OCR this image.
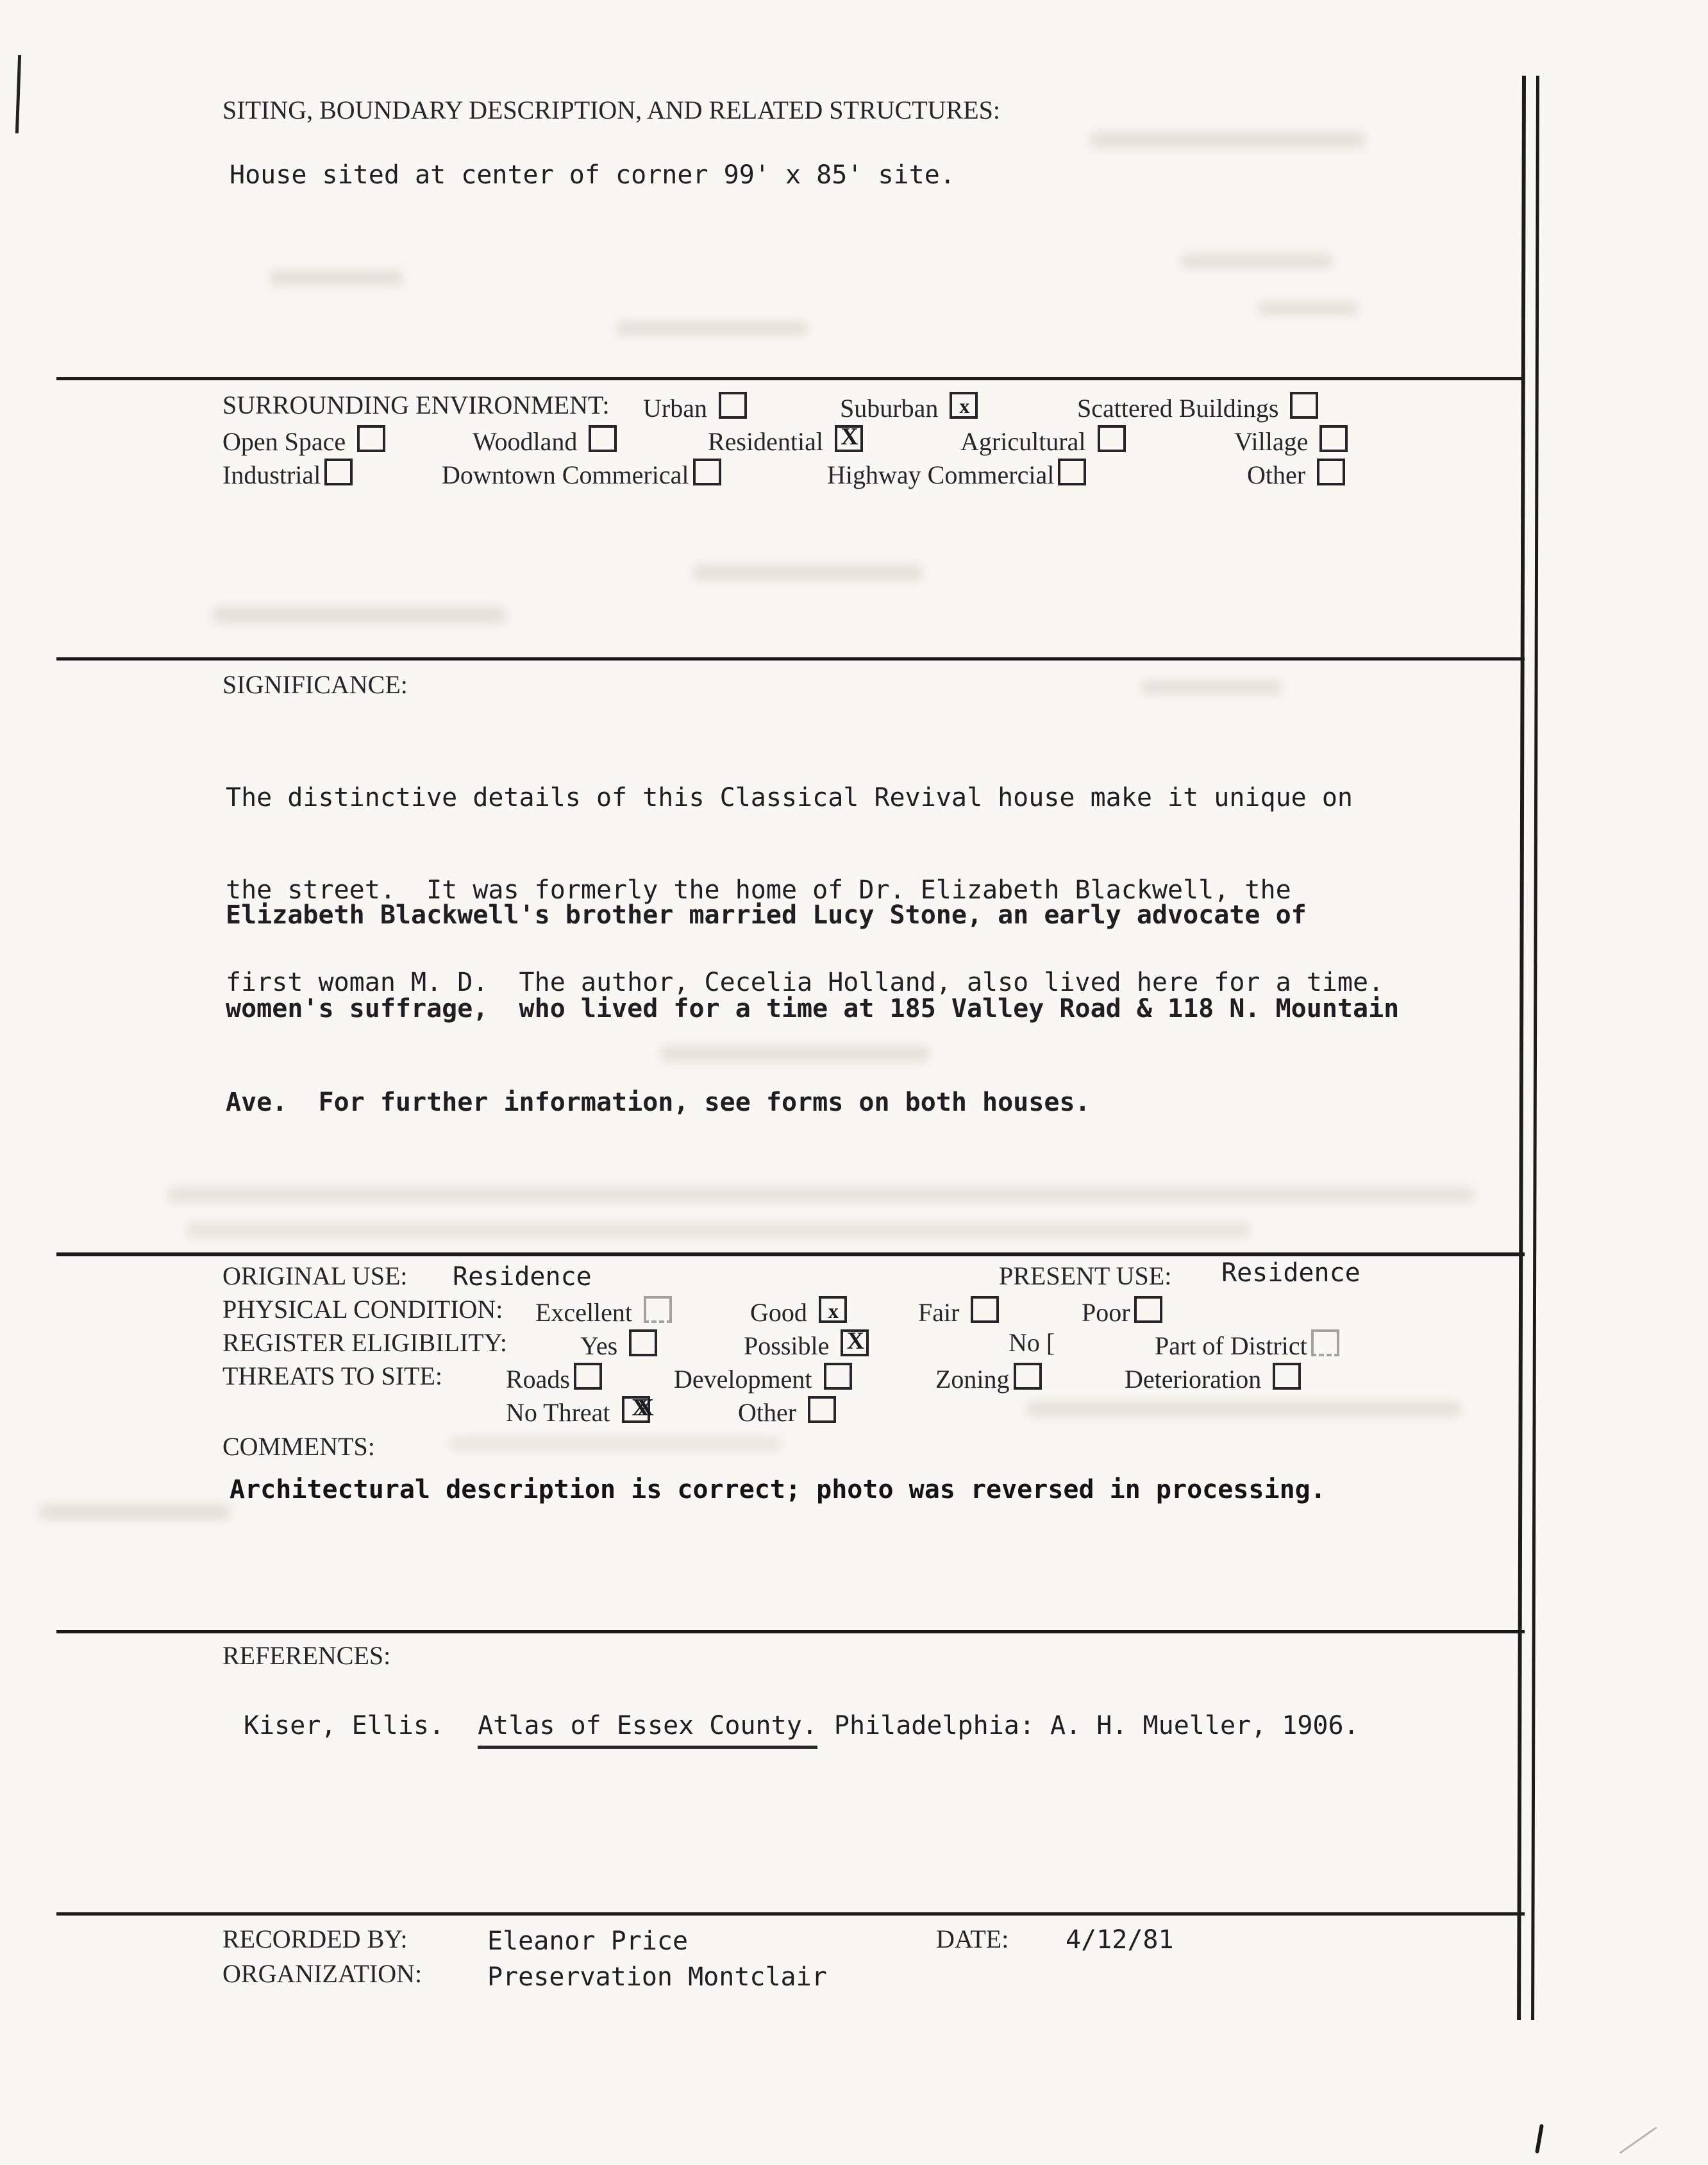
SITING, BOUNDARY DESCRIPTION, AND RELATED STRUCTURES:
House sited at center of corner 99' x 85' site.
SURROUNDING ENVIRONMENT: Urban	Suburban	x	Scattered Buildings
Open Space	Woodland	Residential X	Agricultural	Village
Industrial	Downtown Commerical	Highway Commercial	Other
SIGNIFICANCE:

The distinctive details of this Classical Revival house make it unique on

the street.  It was formerly the home of Dr. Elizabeth Blackwell, the

first woman M. D.  The author, Cecelia Holland, also lived here for a time.

Elizabeth Blackwell's brother married Lucy Stone, an early advocate of

women's suffrage,  who lived for a time at 185 Valley Road & 118 N. Mountain

Ave.  For further information, see forms on both houses.

ORIGINAL USE: Residence	PRESENT USE: Residence
PHYSICAL CONDITION: Excellent	Good	x	Fair	Poor
REGISTER ELIGIBILITY:	Yes	Possible X	No [	Part of District
THREATS TO SITE: Roads	Development	Zoning	Deterioration
No Threat XX	Other
COMMENTS:
Architectural description is correct; photo was reversed in processing.
REFERENCES:
Kiser, Ellis. Atlas of Essex County. Philadelphia: A. H. Mueller, 1906.
RECORDED BY:	Eleanor Price	DATE: 4/12/81
ORGANIZATION:	Preservation Montclair
